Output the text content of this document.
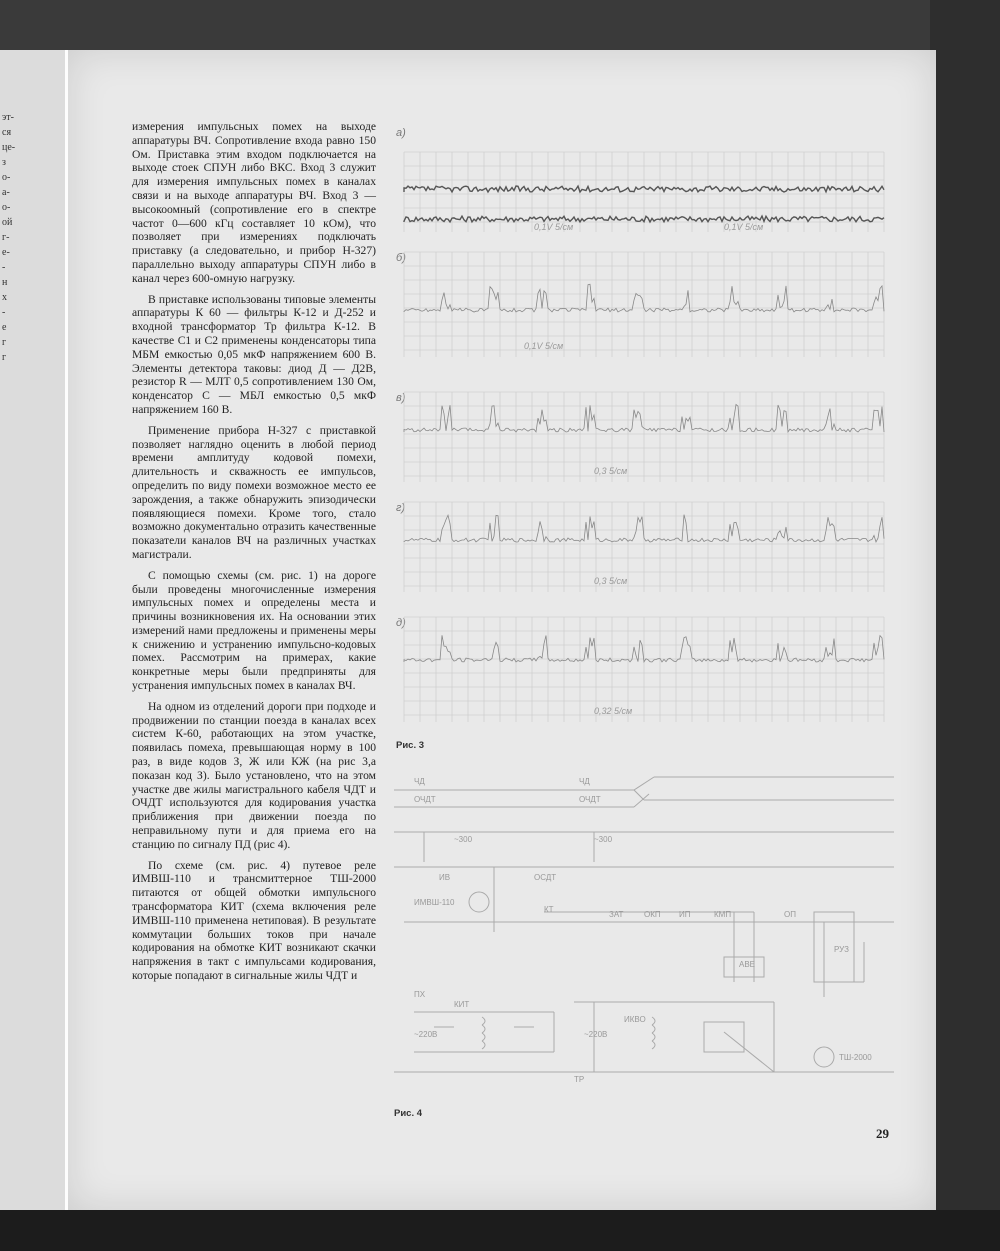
эт-
ся
це-
з
о-
а-
о-
ой
г-
е-
-
н
х
-
е
г
г

измерения импульсных помех на выходе аппаратуры ВЧ. Сопротивление входа равно 150 Ом. Приставка этим входом подключается на выходе стоек СПУН либо ВКС. Вход 3 служит для измерения импульсных помех в каналах связи и на выходе аппаратуры ВЧ. Вход 3 — высокоомный (сопротивление его в спектре частот 0—600 кГц составляет 10 кОм), что позволяет при измерениях подключать приставку (а следовательно, и прибор Н-327) параллельно выходу аппаратуры СПУН либо в канал через 600-омную нагрузку.

В приставке использованы типовые элементы аппаратуры К 60 — фильтры К-12 и Д-252 и входной трансформатор Тр фильтра К-12. В качестве С1 и С2 применены конденсаторы типа МБМ емкостью 0,05 мкФ напряжением 600 В. Элементы детектора таковы: диод Д — Д2В, резистор R — МЛТ 0,5 сопротивлением 130 Ом, конденсатор С — МБЛ емкостью 0,5 мкФ напряжением 160 В.

Применение прибора Н-327 с приставкой позволяет наглядно оценить в любой период времени амплитуду кодовой помехи, длительность и скважность ее импульсов, определить по виду помехи возможное место ее зарождения, а также обнаружить эпизодически появляющиеся помехи. Кроме того, стало возможно документально отразить качественные показатели каналов ВЧ на различных участках магистрали.

С помощью схемы (см. рис. 1) на дороге были проведены многочисленные измерения импульсных помех и определены места и причины возникновения их. На основании этих измерений нами предложены и применены меры к снижению и устранению импульсно-кодовых помех. Рассмотрим на примерах, какие конкретные меры были предприняты для устранения импульсных помех в каналах ВЧ.

На одном из отделений дороги при подходе и продвижении по станции поезда в каналах всех систем К-60, работающих на этом участке, появилась помеха, превышающая норму в 100 раз, в виде кодов З, Ж или КЖ (на рис 3,а показан код З). Было установлено, что на этом участке две жилы магистрального кабеля ЧДТ и ОЧДТ используются для кодирования участка приближения при движении поезда по неправильному пути и для приема его на станцию по сигналу ПД (рис 4).

По схеме (см. рис. 4) путевое реле ИМВШ-110 и трансмиттерное ТШ-2000 питаются от общей обмотки импульсного трансформатора КИТ (схема включения реле ИМВШ-110 применена нетиповая). В результате коммутации больших токов при начале кодирования на обмотке КИТ возникают скачки напряжения в такт с импульсами кодирования, которые попадают в сигнальные жилы ЧДТ и

а)
0,1V 5/см	0,1V 5/см
б)
0,1V 5/см
в)
0,3 5/см
г)
0,3 5/см
д)
0,32 5/см
Рис. 3
ЧД
ОЧДТ
ЧД
ОЧДТ
~300	~300
ИВ	ОСДТ
ИМВШ-110
КТ
ЗАТ	ОКП ИП	КМП
АВЕ
ОП
~220В	~220В
ТР
ИКВО
КИТ
ТШ-2000
ПХ
РУЗ
Рис. 4
29
